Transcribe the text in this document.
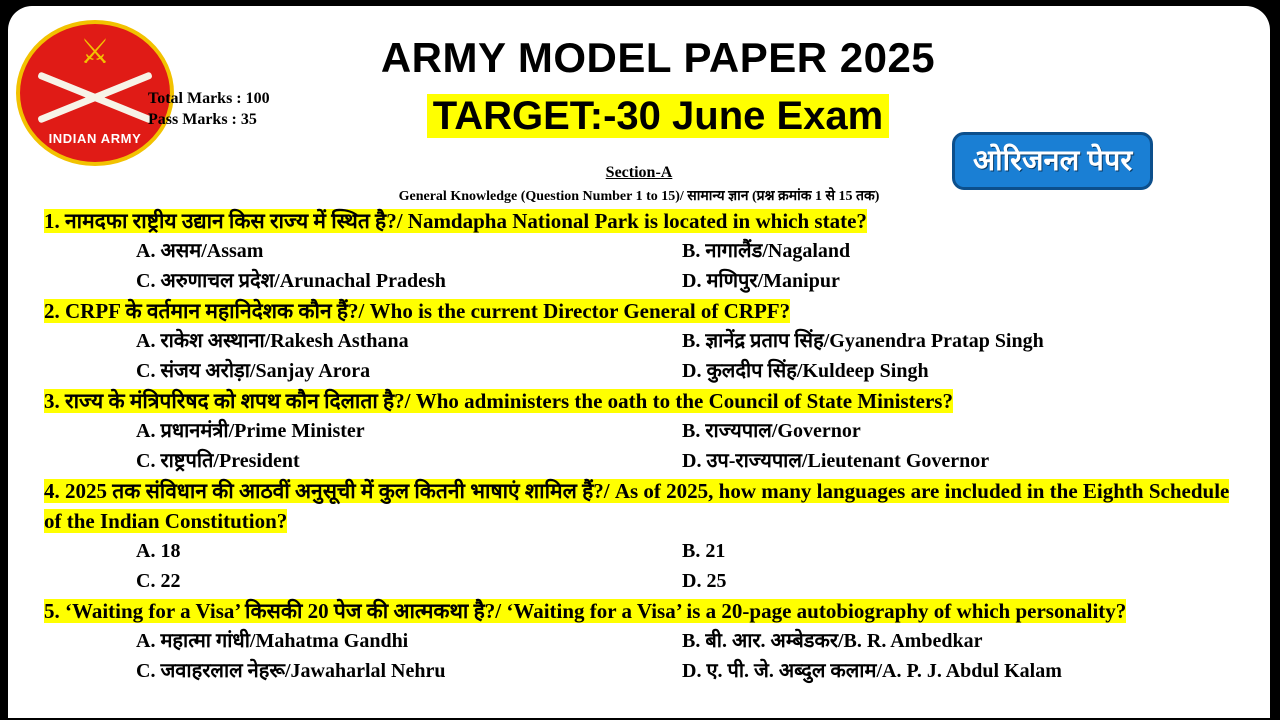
⚔
INDIAN ARMY
Total Marks : 100
Pass Marks : 35
ARMY MODEL PAPER 2025
TARGET:-30 June Exam
ओरिजनल पेपर
Section-A
General Knowledge (Question Number 1 to 15)/ सामान्य ज्ञान (प्रश्न क्रमांक 1 से 15 तक)
1. नामदफा राष्ट्रीय उद्यान किस राज्य में स्थित है?/ Namdapha National Park is located in which state?
A. असम/Assam	B. नागालैंड/Nagaland
C. अरुणाचल प्रदेश/Arunachal Pradesh	D. मणिपुर/Manipur
2. CRPF के वर्तमान महानिदेशक कौन हैं?/ Who is the current Director General of CRPF?
A. राकेश अस्थाना/Rakesh Asthana	B. ज्ञानेंद्र प्रताप सिंह/Gyanendra Pratap Singh
C. संजय अरोड़ा/Sanjay Arora	D. कुलदीप सिंह/Kuldeep Singh
3. राज्य के मंत्रिपरिषद को शपथ कौन दिलाता है?/ Who administers the oath to the Council of State Ministers?
A. प्रधानमंत्री/Prime Minister	B. राज्यपाल/Governor
C. राष्ट्रपति/President	D. उप-राज्यपाल/Lieutenant Governor
4. 2025 तक संविधान की आठवीं अनुसूची में कुल कितनी भाषाएं शामिल हैं?/ As of 2025, how many languages are included in the Eighth Schedule of the Indian Constitution?
A. 18	B. 21
C. 22	D. 25
5. ‘Waiting for a Visa’ किसकी 20 पेज की आत्मकथा है?/ ‘Waiting for a Visa’ is a 20-page autobiography of which personality?
A. महात्मा गांधी/Mahatma Gandhi	B. बी. आर. अम्बेडकर/B. R. Ambedkar
C. जवाहरलाल नेहरू/Jawaharlal Nehru	D. ए. पी. जे. अब्दुल कलाम/A. P. J. Abdul Kalam
